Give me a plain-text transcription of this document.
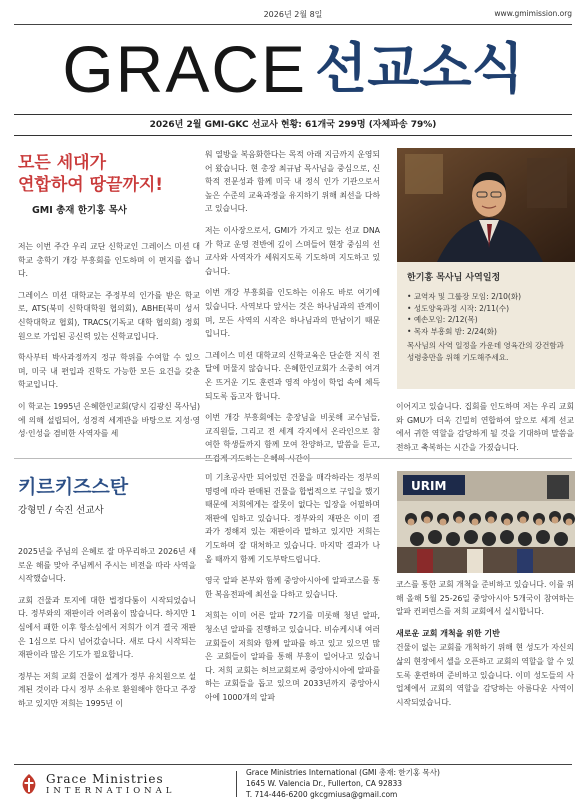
2026년 2월 8일	www.gmimission.org
GRACE 선교소식
2026년 2월 GMI-GKC 선교사 현황: 61개국 299명 (자체파송 79%)
모든 세대가
연합하여 땅끝까지!
GMI 총재 한기홍 목사

저는 이번 주간 우리 교단 신학교인 그레이스 미션 대학교 총학기 개강 부흥회를 인도하며 이 편지를 씁니다.

그레이스 미션 대학교는 주정부의 인가를 받은 학교로, ATS(북미 신학대학원 협의회), ABHE(북미 성서신학대학교 협회), TRACS(기독교 대학 협의회) 정회원으로 가입된 공신력 있는 신학교입니다.

학사부터 박사과정까지 정규 학위를 수여할 수 있으며, 미국 내 편입과 진학도 가능한 모든 요건을 갖춘 학교입니다.

이 학교는 1995년 은혜한인교회(당시 김광신 목사님)에 의해 설립되어, 성경적 세계관을 바탕으로 지성·영성·인성을 겸비한 사역자를 세

워 열방을 복음화한다는 목적 아래 지금까지 운영되어 왔습니다. 현 총장 최규남 목사님을 중심으로, 신학적 전문성과 함께 미국 내 정식 인가 기관으로서 높은 수준의 교육과정을 유지하기 위해 최선을 다하고 있습니다.

저는 이사장으로서, GMI가 가지고 있는 선교 DNA가 학교 운영 전반에 깊이 스며들어 현장 중심의 선교사와 사역자가 세워지도록 기도하며 지도하고 있습니다.

이번 개강 부흥회를 인도하는 이유도 바로 여기에 있습니다. 사역보다 앞서는 것은 하나님과의 관계이며, 모든 사역의 시작은 하나님과의 만남이기 때문입니다.

그레이스 미션 대학교의 신학교육은 단순한 지식 전달에 머물지 않습니다. 은혜한인교회가 소중히 여겨 온 뜨거운 기도 훈련과 영적 야성이 학업 속에 체득되도록 돕고자 합니다.

이번 개강 부흥회에는 총장님을 비롯해 교수님들, 교직원들, 그리고 전 세계 각지에서 온라인으로 참여한 학생들까지 함께 모여 찬양하고, 말씀을 듣고,

한기홍 목사님 사역일정
• 교역자 및 그룹장 모임: 2/10(화)
• 성도양육과정 시작: 2/11(수)
• 예손모임: 2/12(목)
• 목자 부흥회 밤: 2/24(화)
목사님의 사역 일정을 가운데 영육간의 강건함과 성령충만을 위해 기도해주세요.

이어지고 있습니다. 집회를 인도하며 저는 우리 교회와 GMU가 더욱 긴밀히 연합하여 앞으로 세계 선교에서 귀한 역할을 감당하게 될 것을 기대하며 말씀을 전하고 축복하는 시간을 가졌습니다.

키르키즈스탄
강형민 / 숙진 선교사

2025년을 주님의 은혜로 잘 마무리하고 2026년 새로운 해를 맞아 주님께서 주시는 비전을 따라 사역을 시작했습니다.

교회 건물과 토지에 대한 법정다툼이 시작되었습니다. 정부와의 재판이라 어려움이 많습니다. 하지만 1심에서 패한 이후 항소심에서 저희가 이겨 결국 재판은 1심으로 다시 넘어갔습니다. 새로 다시 시작되는 재판이라 많은 기도가 필요합니다.

정부는 저희 교회 건물이 설계가 정부 유치원으로 설계된 것이라 다시 정부 소유로 환원해야 한다고 주장하고 있지만 저희는 1995년 이

미 기초공사만 되어있던 건물을 매각하라는 정부의 명령에 따라 판매된 건물을 합법적으로 구입을 했기 때문에 저희에게는 잘못이 없다는 입장을 어필하며 재판에 임하고 있습니다. 정부와의 재판은 이미 결과가 정해져 있는 재판이라 말하고 있지만 저희는 기도하며 잘 대처하고 있습니다. 마지막 결과가 나올 때까지 함께 기도부탁드립니다.

영국 알파 본부와 함께 중앙아시아에 알파코스를 통한 복음전파에 최선을 다하고 있습니다.

저희는 이미 어른 알파 72기를 미롯해 청년 알파, 청소년 알파를 진행하고 있습니다. 비슈케시내 여러 교회들이 저희와 함께 알파를 하고 있고 있으면 많은 교회들이 알파를 통해 부흥이 일어나고 있습니다. 저희 교회는 허브교회로써 중앙아시아에 알파를 하는 교회들을 돕고 있으며 2033년까지 중앙아시아에 1000개의 알파

URIM

코스를 통한 교회 개척을 준비하고 있습니다. 이를 위해 올해 5월 25-26일 중앙아시아 5개국이 참여하는 알파 컨퍼런스를 저희 교회에서 실시합니다.

새로운 교회 개척을 위한 기반

건물이 없는 교회를 개척하기 위해 현 성도가 자신의 삶의 현장에서 셀을 오픈하고 교회의 역할을 할 수 있도록 훈련하며 준비하고 있습니다. 이미 성도들의 사업체에서 교회의 역할을 감당하는 아름다운 사역이 시작되었습니다.

Grace Ministries
INTERNATIONAL
Grace Ministries International (GMI 총재: 한기홍 목사)
1645 W. Valencia Dr., Fullerton, CA 92833
T. 714-446-6200 gkcgmiusa@gmail.com
